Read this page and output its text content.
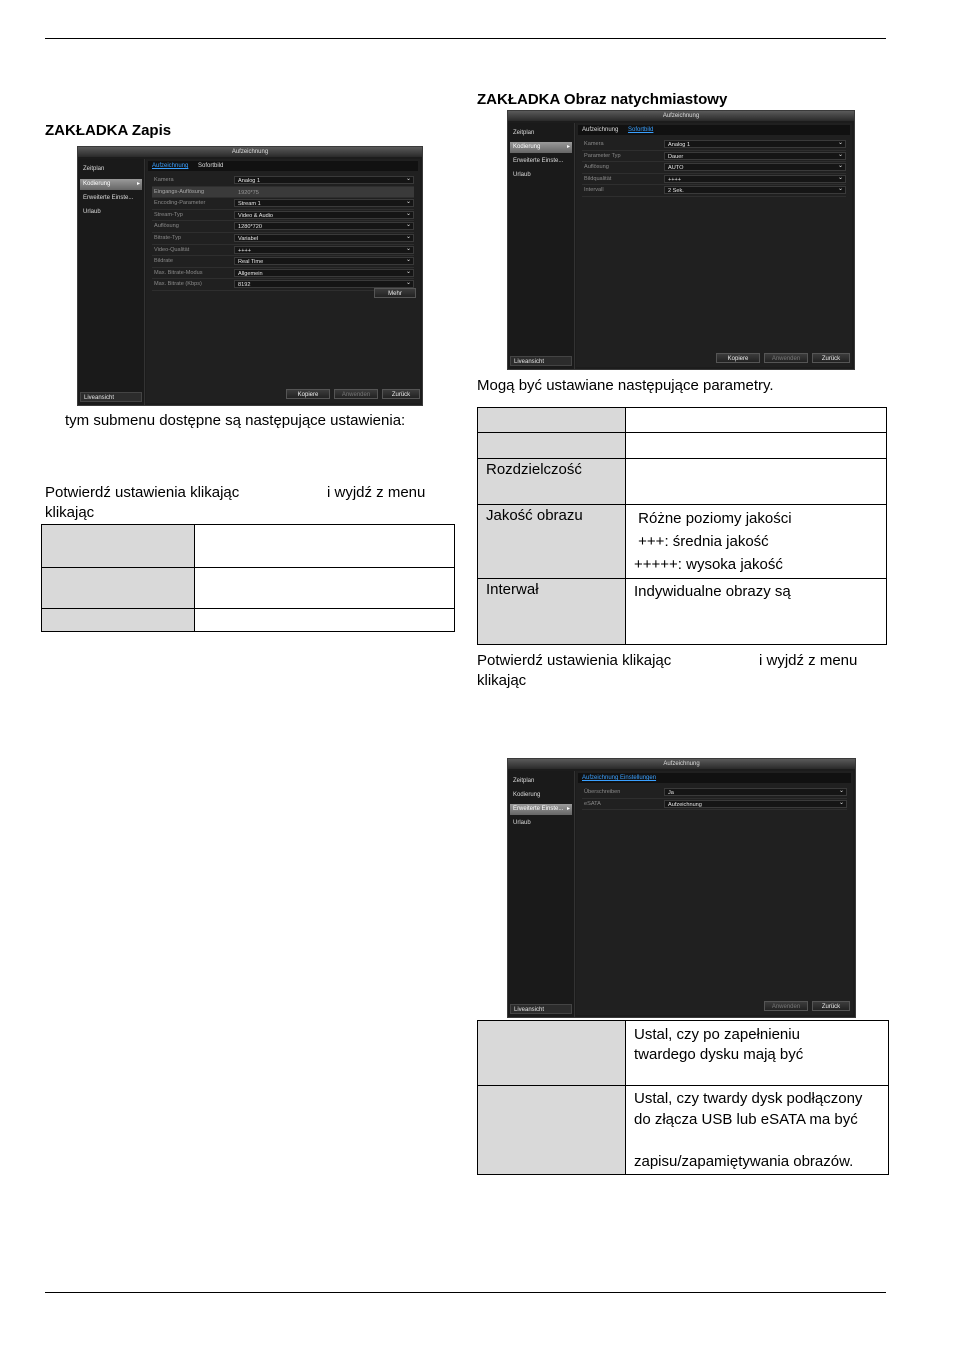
ZAKŁADKA Zapis
Aufzeichnung
Zeitplan
Kodierung ▸
Erweiterte Einste...
Urlaub
Liveansicht
Aufzeichnung Sofortbild
Kamera	Analog 1 ⌄
Eingangs-Auflösung	1920*75
Encoding-Parameter	Stream 1 ⌄
Stream-Typ	Video & Audio ⌄
Auflösung	1280*720 ⌄
Bitrate-Typ	Variabel ⌄
Video-Qualität	++++ ⌄
Bildrate	Real Time ⌄
Max. Bitrate-Modus	Allgemein ⌄
Max. Bitrate (Kbps)	8192 ⌄
Mehr
Kopiere	Anwenden	Zurück
tym submenu dostępne są następujące ustawienia:
Potwierdź ustawienia klikając	i wyjdź z menu
klikając

ZAKŁADKA Obraz natychmiastowy
Aufzeichnung
Zeitplan
Kodierung ▸
Erweiterte Einste...
Urlaub
Liveansicht
Aufzeichnung Sofortbild
Kamera	Analog 1 ⌄
Parameter Typ	Dauer ⌄
Auflösung	AUTO ⌄
Bildqualität	++++ ⌄
Intervall	2 Sek. ⌄
Kopiere	Anwenden	Zurück
Mogą być ustawiane następujące parametry.

Rozdzielczość	

Jakość obrazu	Różne poziomy jakości
+++: średnia jakość
+++++: wysoka jakość

Interwał	Indywidualne obrazy są
Potwierdź ustawienia klikając	i wyjdź z menu
klikając
Aufzeichnung
Zeitplan
Kodierung
Erweiterte Einste... ▸
Urlaub
Liveansicht
Aufzeichnung Einstellungen
Überschreiben	Ja ⌄
eSATA	Aufzeichnung ⌄
Anwenden	Zurück

	Ustal, czy po zapełnieniu
twardego dysku mają być

	Ustal, czy twardy dysk podłączony
do złącza USB lub eSATA ma być
zapisu/zapamiętywania obrazów.
